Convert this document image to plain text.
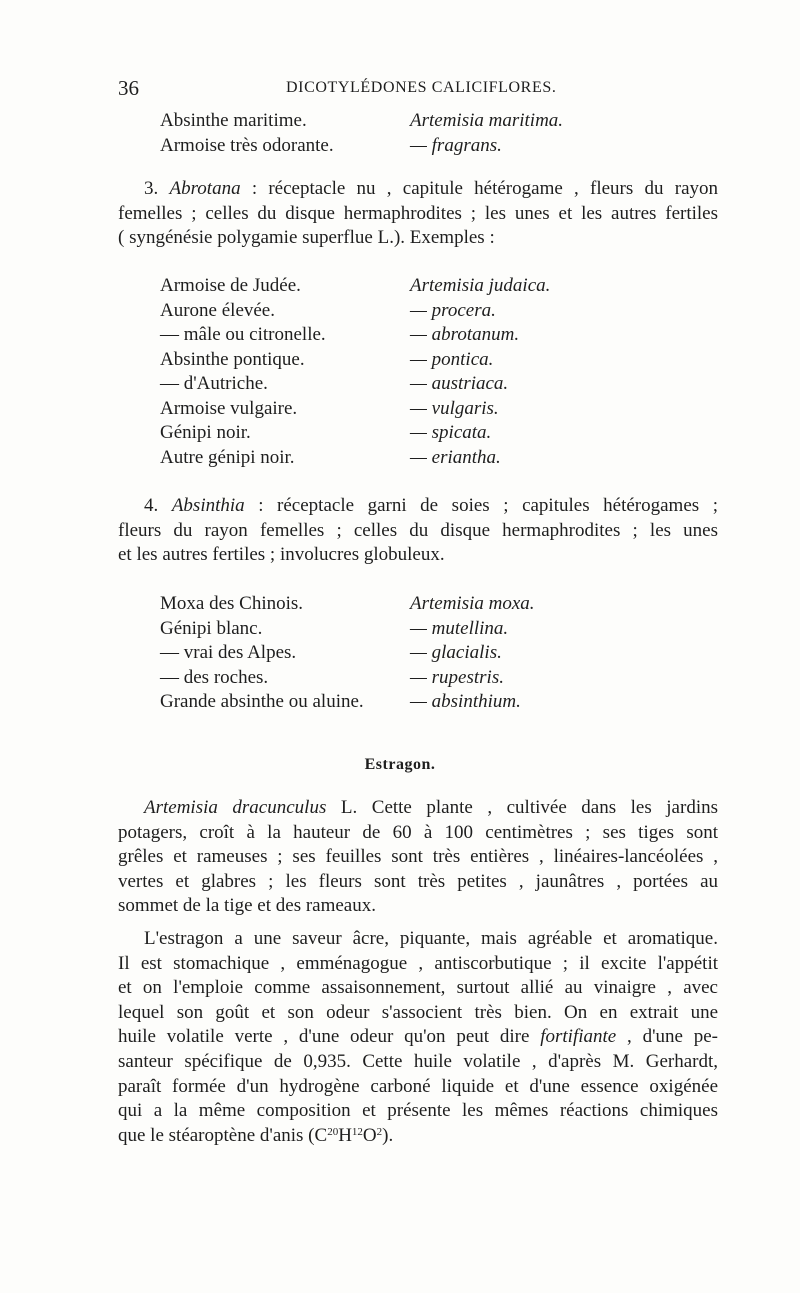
36	DICOTYLÉDONES CALICIFLORES.
Absinthe maritime.	Artemisia maritima.
Armoise très odorante.	— fragrans.
3. Abrotana : réceptacle nu , capitule hétérogame , fleurs du rayon
femelles ; celles du disque hermaphrodites ; les unes et les autres fertiles
( syngénésie polygamie superflue L.). Exemples :
Armoise de Judée.	Artemisia judaica.
Aurone élevée.	— procera.
— mâle ou citronelle.	— abrotanum.
Absinthe pontique.	— pontica.
— d'Autriche.	— austriaca.
Armoise vulgaire.	— vulgaris.
Génipi noir.	— spicata.
Autre génipi noir.	— eriantha.
4. Absinthia : réceptacle garni de soies ; capitules hétérogames ;
fleurs du rayon femelles ; celles du disque hermaphrodites ; les unes
et les autres fertiles ; involucres globuleux.
Moxa des Chinois.	Artemisia moxa.
Génipi blanc.	— mutellina.
— vrai des Alpes.	— glacialis.
— des roches.	— rupestris.
Grande absinthe ou aluine. — absinthium.
Estragon.
Artemisia dracunculus L. Cette plante , cultivée dans les jardins
potagers, croît à la hauteur de 60 à 100 centimètres ; ses tiges sont
grêles et rameuses ; ses feuilles sont très entières , linéaires-lancéolées ,
vertes et glabres ; les fleurs sont très petites , jaunâtres , portées au
sommet de la tige et des rameaux.
L'estragon a une saveur âcre, piquante, mais agréable et aromatique.
Il est stomachique , emménagogue , antiscorbutique ; il excite l'appétit
et on l'emploie comme assaisonnement, surtout allié au vinaigre , avec
lequel son goût et son odeur s'associent très bien. On en extrait une
huile volatile verte , d'une odeur qu'on peut dire fortifiante , d'une pe-
santeur spécifique de 0,935. Cette huile volatile , d'après M. Gerhardt,
paraît formée d'un hydrogène carboné liquide et d'une essence oxigénée
qui a la même composition et présente les mêmes réactions chimiques
que le stéaroptène d'anis $(C^{20}H^{12}O^2)$.
